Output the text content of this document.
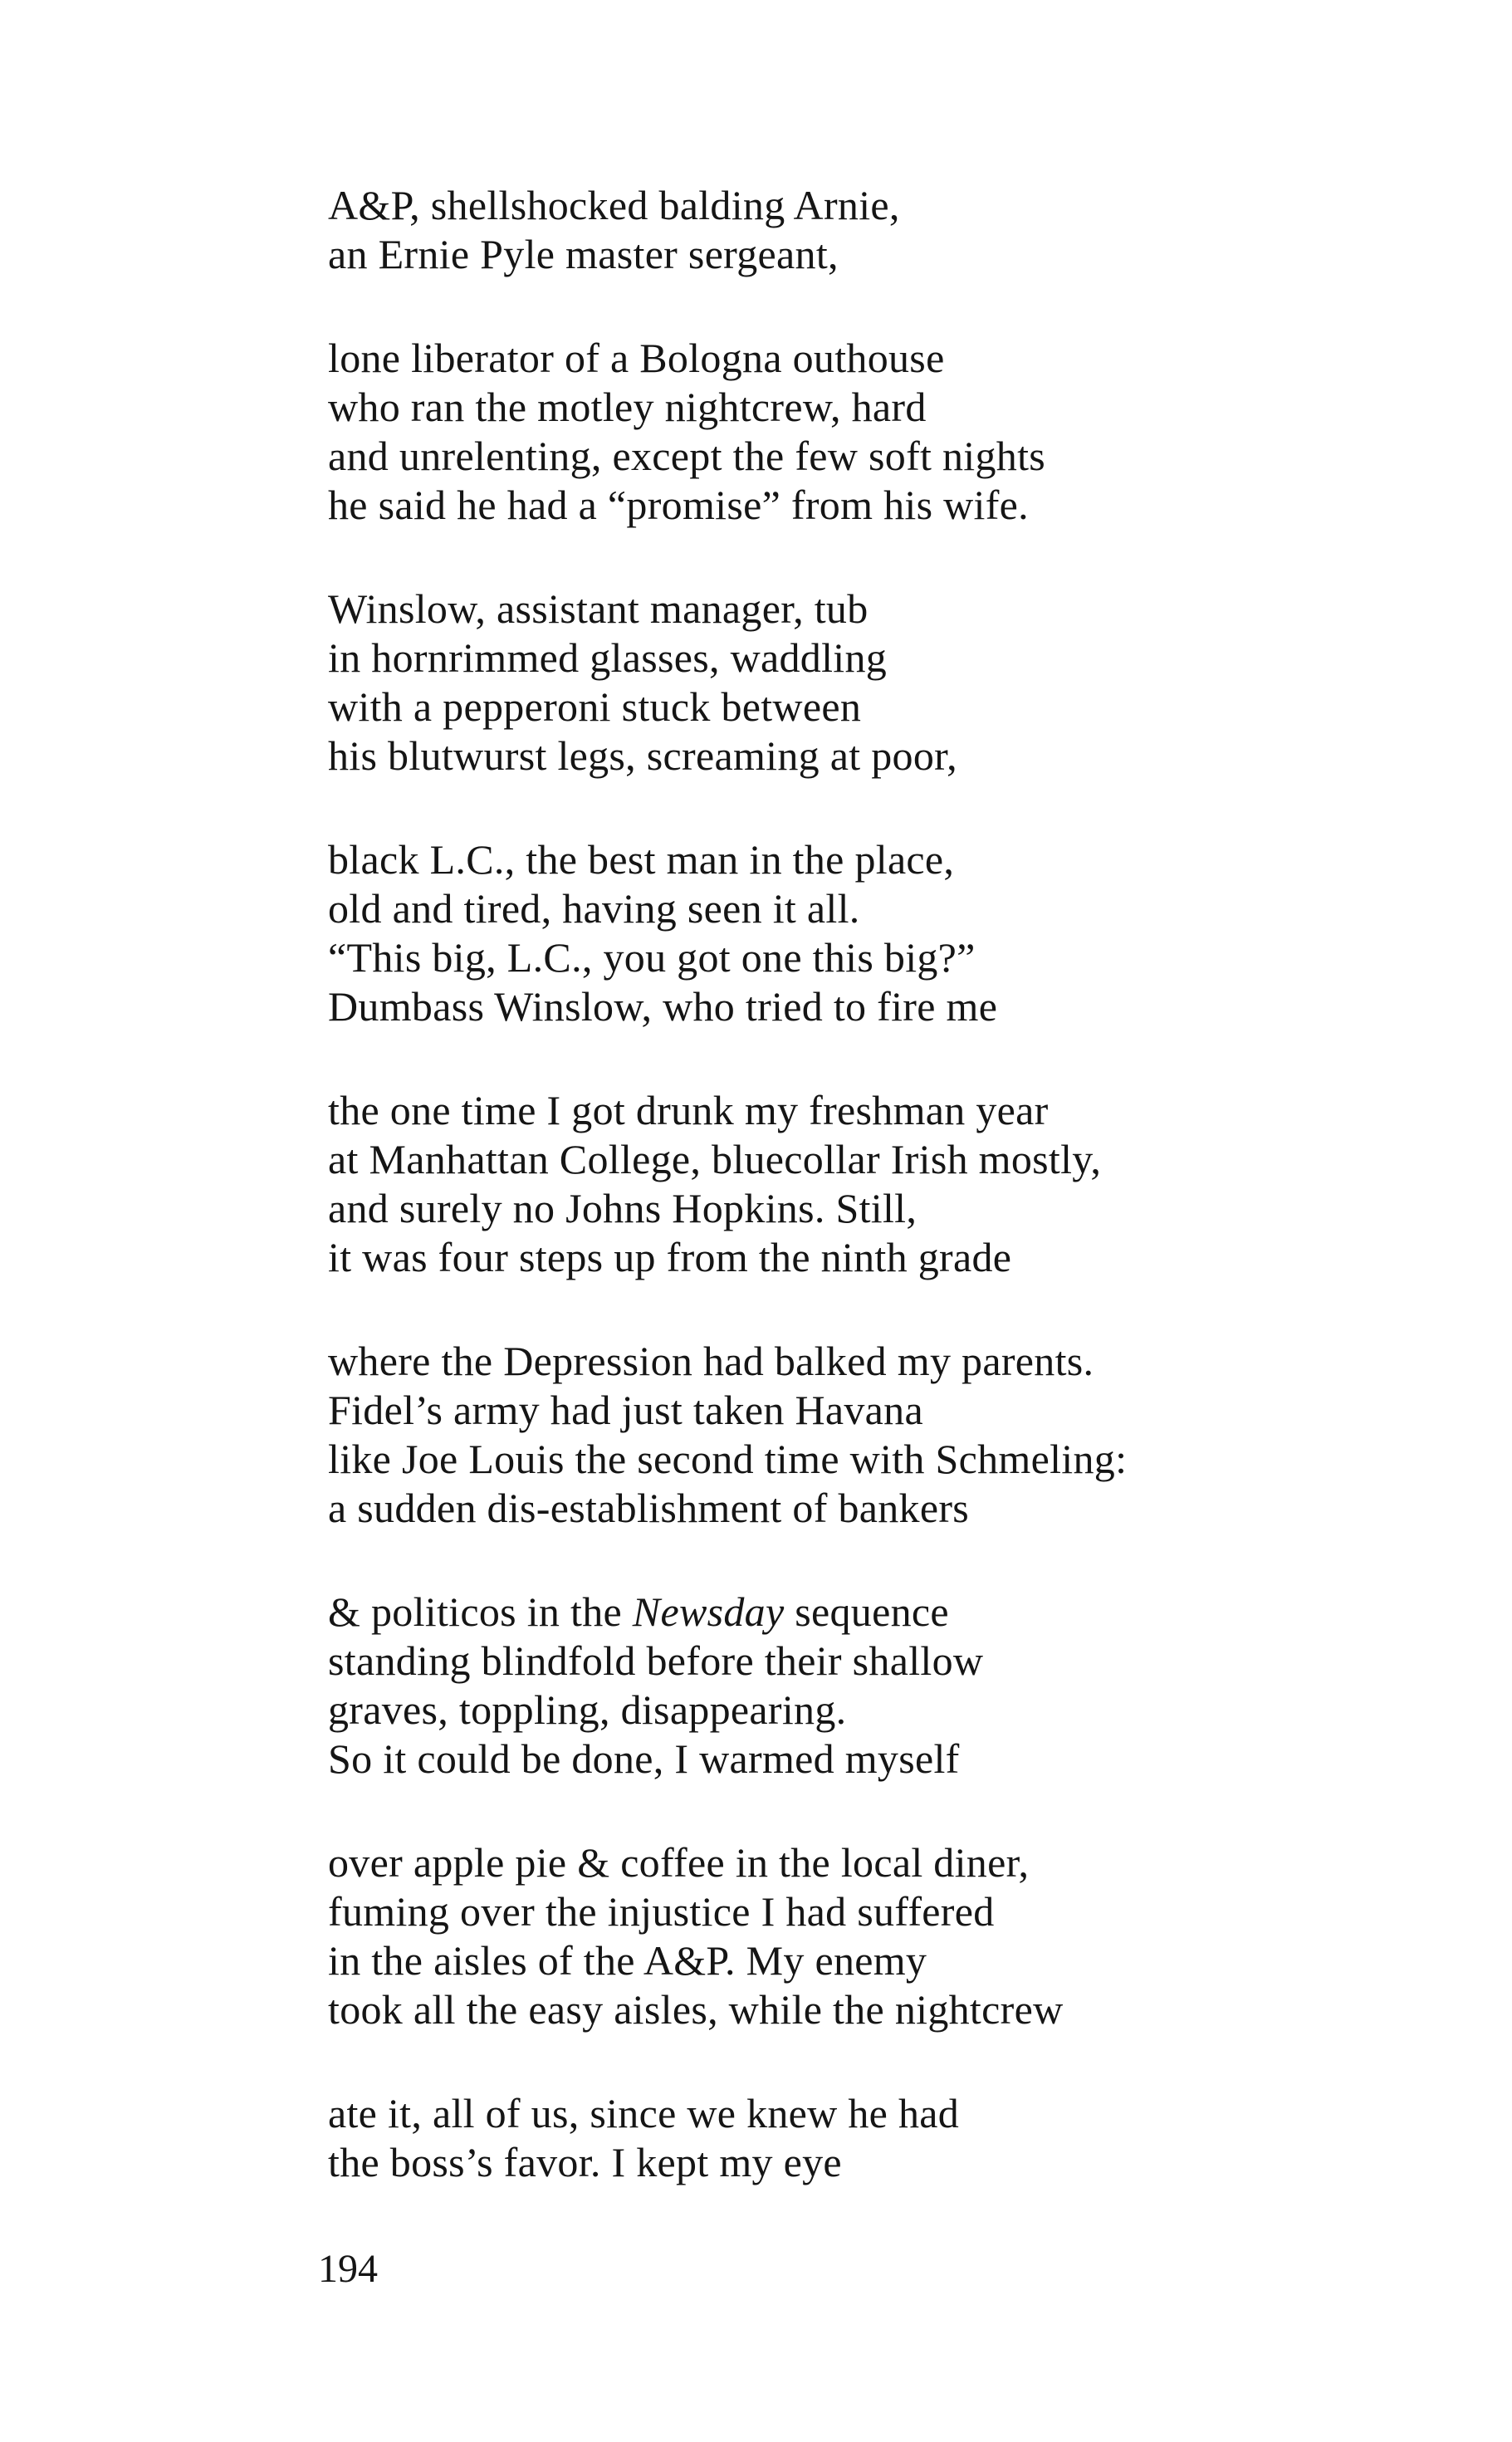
A&P, shellshocked balding Arnie,
an Ernie Pyle master sergeant,
lone liberator of a Bologna outhouse
who ran the motley nightcrew, hard
and unrelenting, except the few soft nights
he said he had a “promise” from his wife.
Winslow, assistant manager, tub
in hornrimmed glasses, waddling
with a pepperoni stuck between
his blutwurst legs, screaming at poor,
black L.C., the best man in the place,
old and tired, having seen it all.
“This big, L.C., you got one this big?”
Dumbass Winslow, who tried to fire me
the one time I got drunk my freshman year
at Manhattan College, bluecollar Irish mostly,
and surely no Johns Hopkins. Still,
it was four steps up from the ninth grade
where the Depression had balked my parents.
Fidel’s army had just taken Havana
like Joe Louis the second time with Schmeling:
a sudden dis-establishment of bankers
& politicos in the Newsday sequence
standing blindfold before their shallow
graves, toppling, disappearing.
So it could be done, I warmed myself
over apple pie & coffee in the local diner,
fuming over the injustice I had suffered
in the aisles of the A&P. My enemy
took all the easy aisles, while the nightcrew
ate it, all of us, since we knew he had
the boss’s favor. I kept my eye
194
